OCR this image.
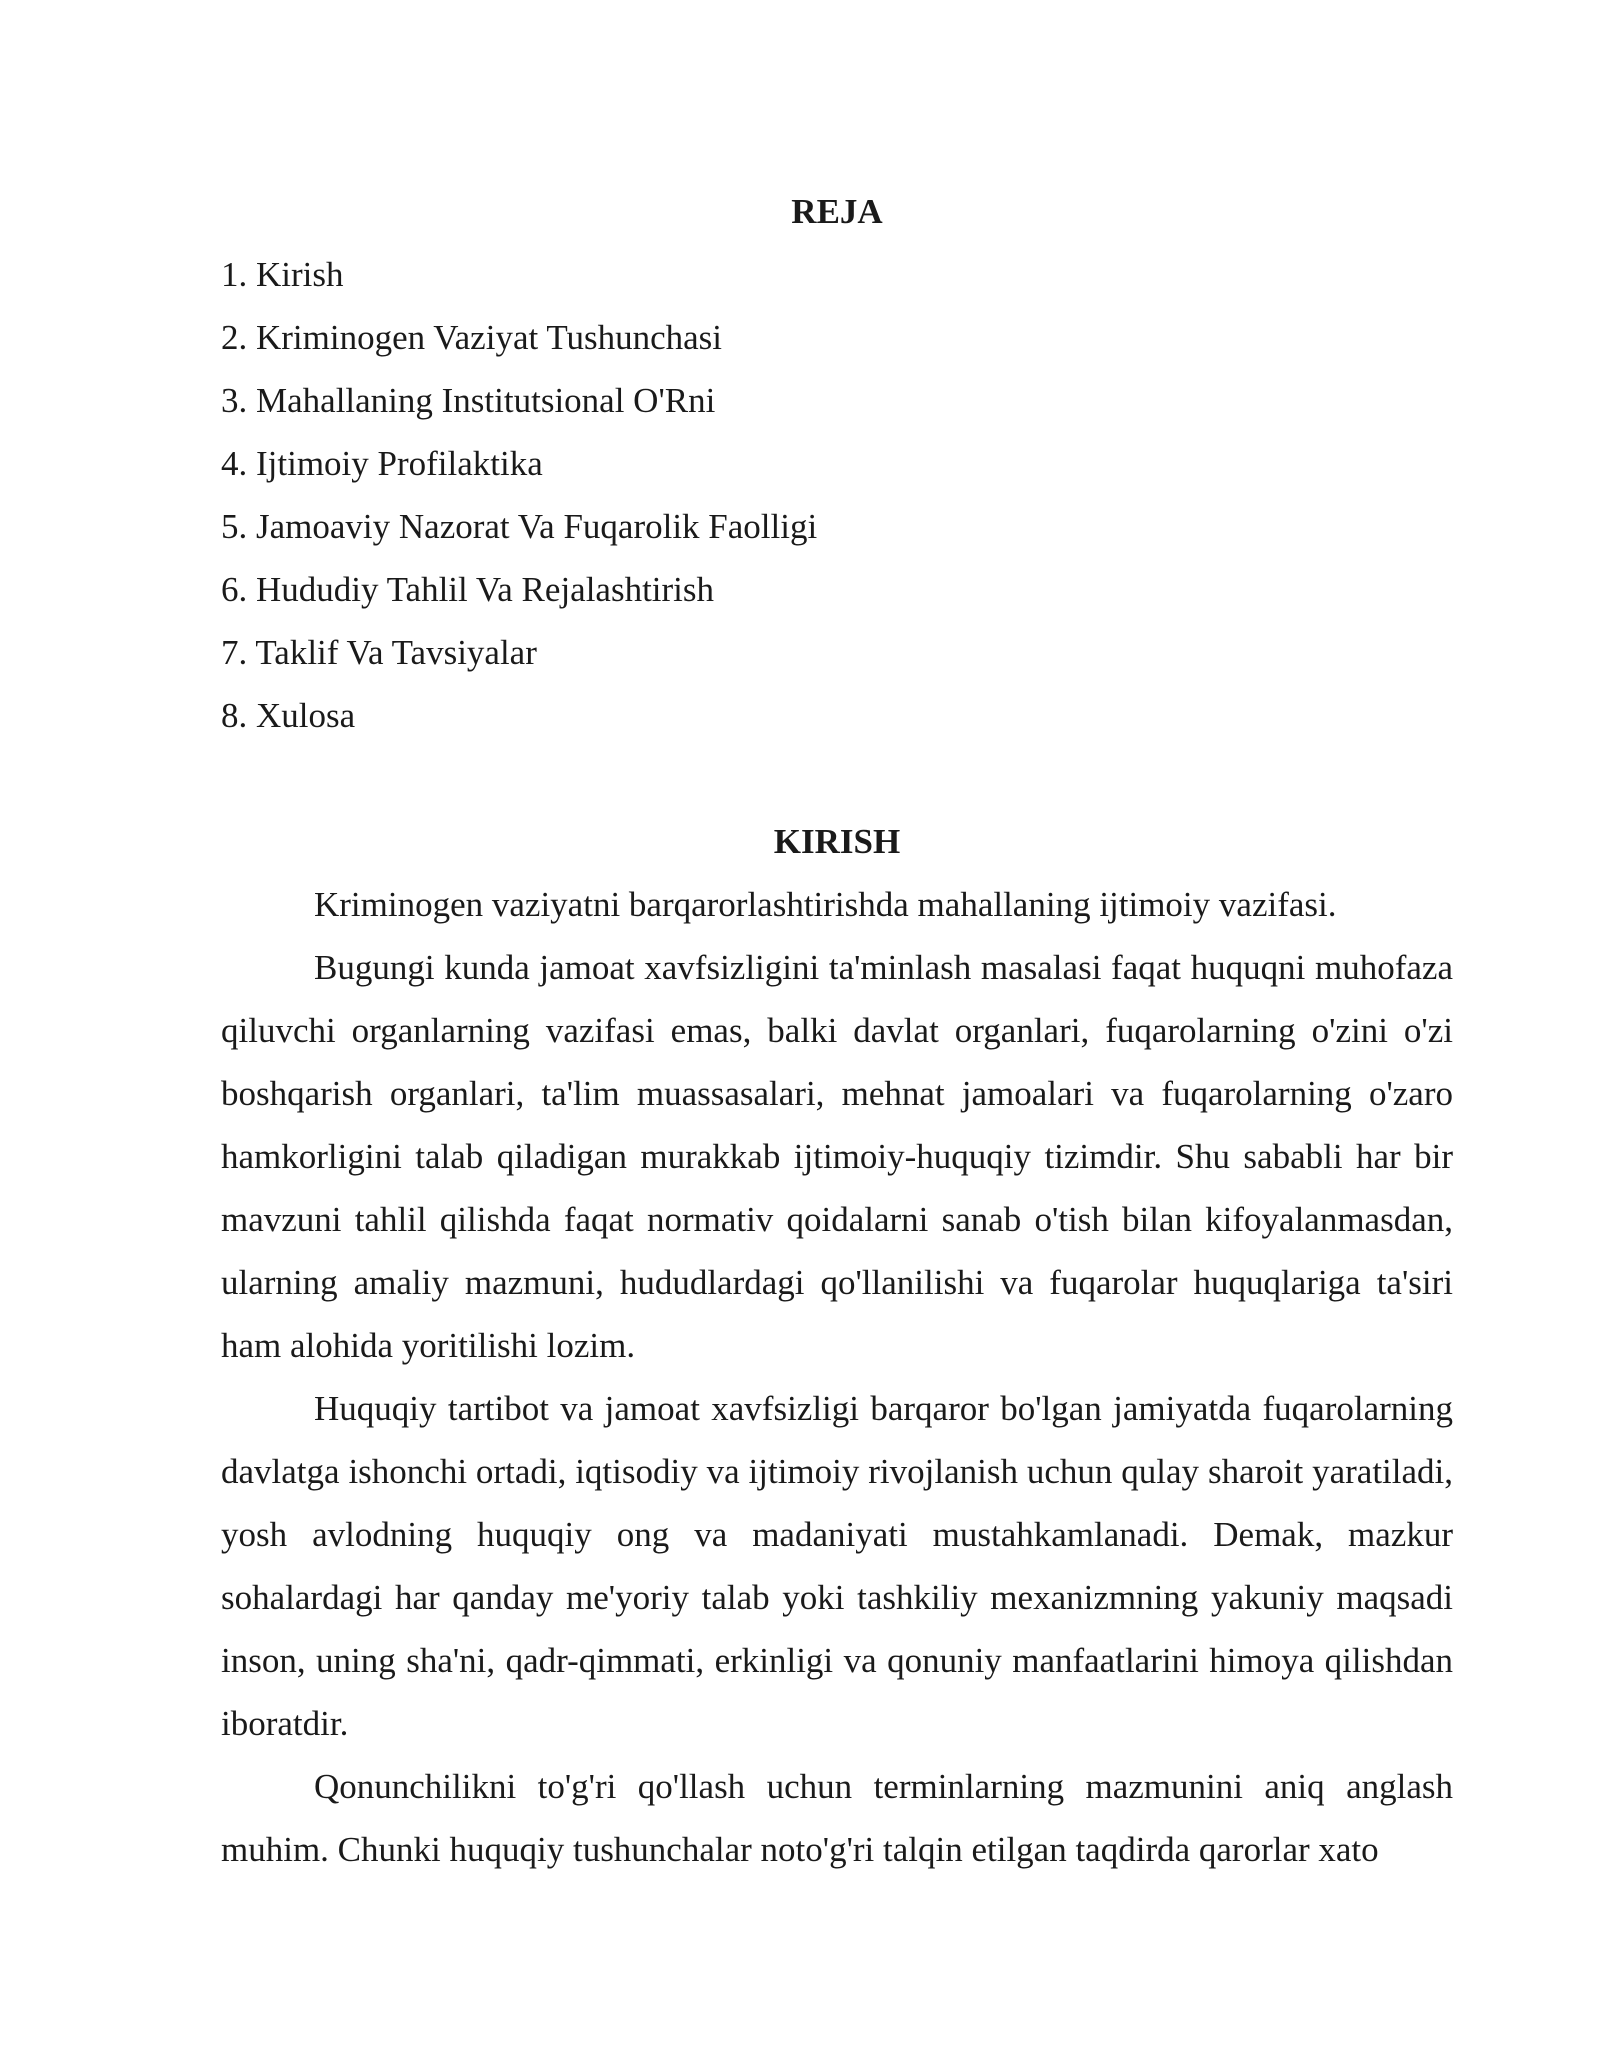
REJA
1. Kirish
2. Kriminogen Vaziyat Tushunchasi
3. Mahallaning Institutsional O'Rni
4. Ijtimoiy Profilaktika
5. Jamoaviy Nazorat Va Fuqarolik Faolligi
6. Hududiy Tahlil Va Rejalashtirish
7. Taklif Va Tavsiyalar
8. Xulosa
KIRISH

Kriminogen vaziyatni barqarorlashtirishda mahallaning ijtimoiy vazifasi.

Bugungi kunda jamoat xavfsizligini ta'minlash masalasi faqat huquqni muhofaza qiluvchi organlarning vazifasi emas, balki davlat organlari, fuqarolarning o'zini o'zi boshqarish organlari, ta'lim muassasalari, mehnat jamoalari va fuqarolarning o'zaro hamkorligini talab qiladigan murakkab ijtimoiy-huquqiy tizimdir. Shu sababli har bir mavzuni tahlil qilishda faqat normativ qoidalarni sanab o'tish bilan kifoyalanmasdan, ularning amaliy mazmuni, hududlardagi qo'llanilishi va fuqarolar huquqlariga ta'siri ham alohida yoritilishi lozim.

Huquqiy tartibot va jamoat xavfsizligi barqaror bo'lgan jamiyatda fuqarolarning davlatga ishonchi ortadi, iqtisodiy va ijtimoiy rivojlanish uchun qulay sharoit yaratiladi, yosh avlodning huquqiy ong va madaniyati mustahkamlanadi. Demak, mazkur sohalardagi har qanday me'yoriy talab yoki tashkiliy mexanizmning yakuniy maqsadi inson, uning sha'ni, qadr-qimmati, erkinligi va qonuniy manfaatlarini himoya qilishdan iboratdir.

Qonunchilikni to'g'ri qo'llash uchun terminlarning mazmunini aniq anglash muhim. Chunki huquqiy tushunchalar noto'g'ri talqin etilgan taqdirda qarorlar xato
